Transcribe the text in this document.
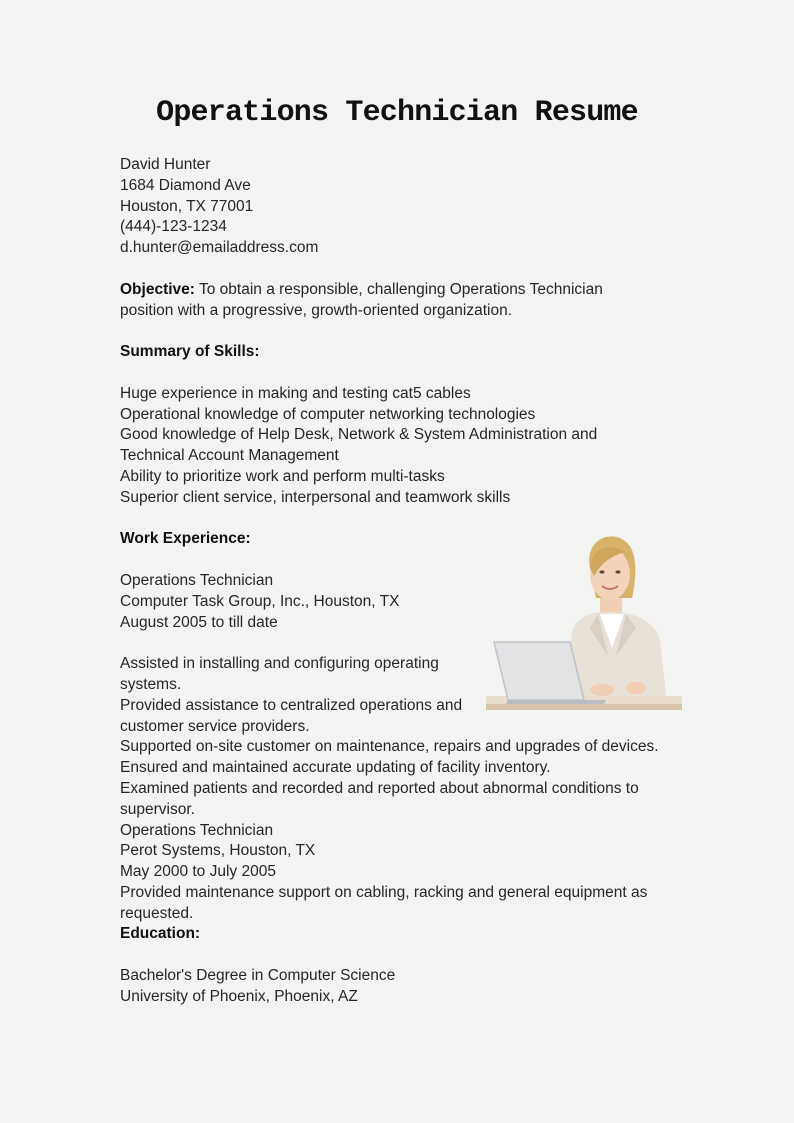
Operations Technician Resume
David Hunter
1684 Diamond Ave
Houston, TX 77001
(444)-123-1234
d.hunter@emailaddress.com
Objective: To obtain a responsible, challenging Operations Technician
position with a progressive, growth-oriented organization.
Summary of Skills:
Huge experience in making and testing cat5 cables
Operational knowledge of computer networking technologies
Good knowledge of Help Desk, Network & System Administration and
Technical Account Management
Ability to prioritize work and perform multi-tasks
Superior client service, interpersonal and teamwork skills
Work Experience:
Operations Technician
Computer Task Group, Inc., Houston, TX
August 2005 to till date
Assisted in installing and configuring operating
systems.
Provided assistance to centralized operations and
customer service providers.
Supported on-site customer on maintenance, repairs and upgrades of devices.
Ensured and maintained accurate updating of facility inventory.
Examined patients and recorded and reported about abnormal conditions to
supervisor.
Operations Technician
Perot Systems, Houston, TX
May 2000 to July 2005
Provided maintenance support on cabling, racking and general equipment as
requested.
Education:
Bachelor's Degree in Computer Science
University of Phoenix, Phoenix, AZ
